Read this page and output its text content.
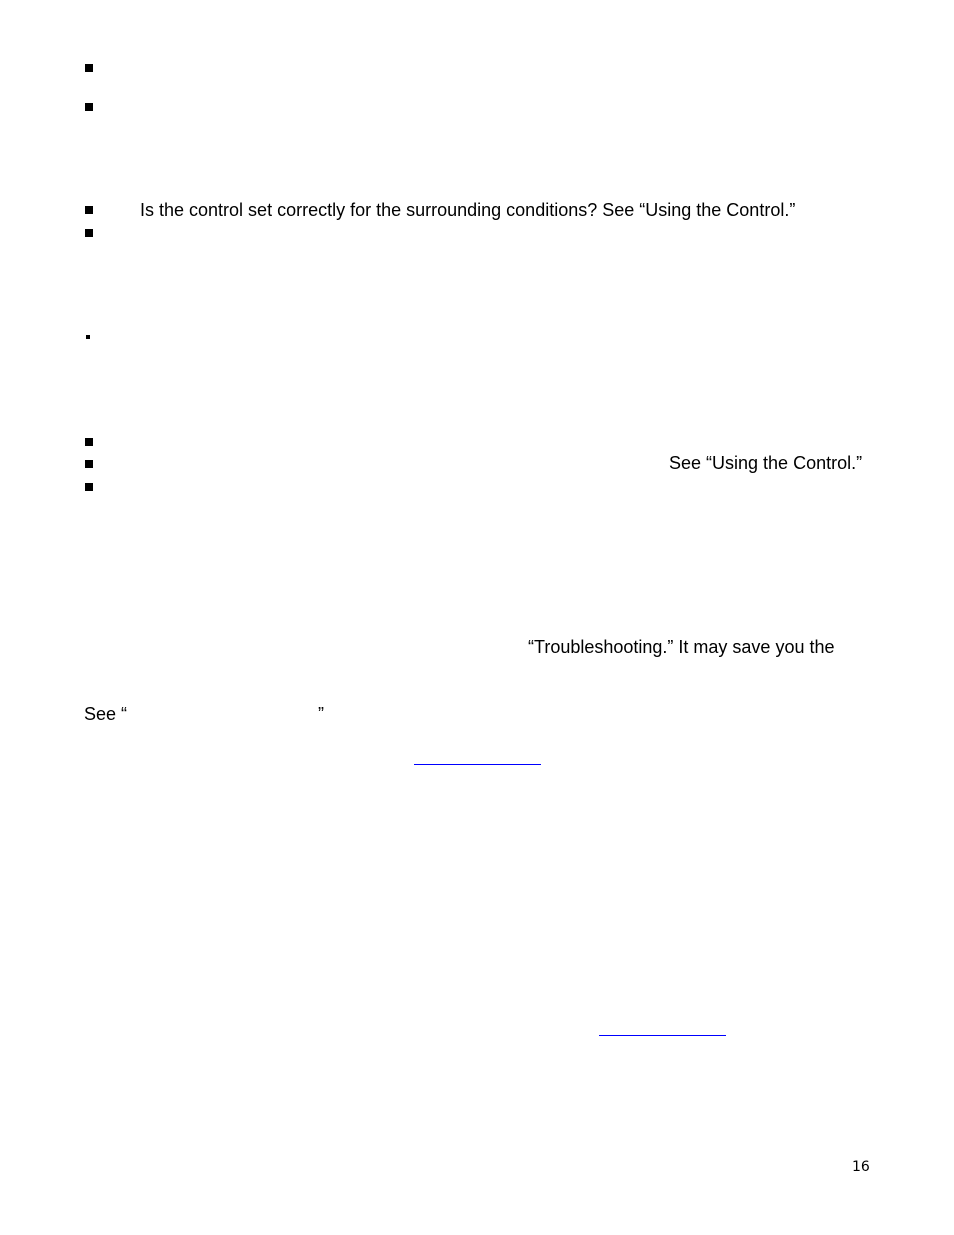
Is the control set correctly for the surrounding conditions? See “Using the Control.”
See “Using the Control.”
“Troubleshooting.” It may save you the
See “	”
16
